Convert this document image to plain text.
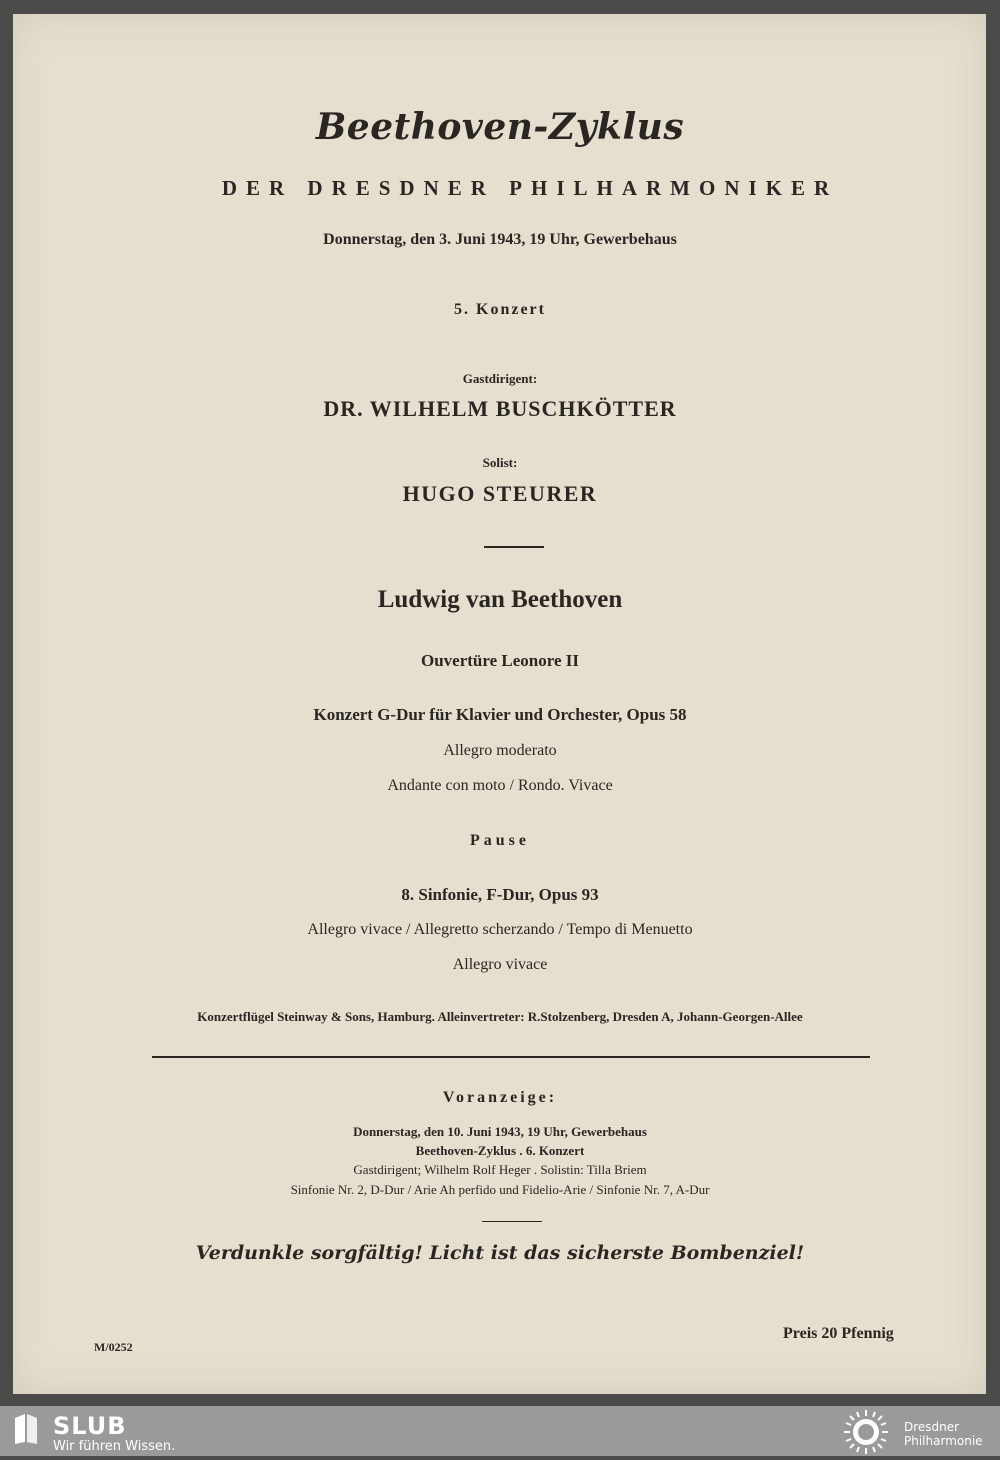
Beethoven-Zyklus
DER DRESDNER PHILHARMONIKER
Donnerstag, den 3. Juni 1943, 19 Uhr, Gewerbehaus
5. Konzert
Gastdirigent:
DR. WILHELM BUSCHKÖTTER
Solist:
HUGO STEURER
Ludwig van Beethoven
Ouvertüre Leonore II
Konzert G-Dur für Klavier und Orchester, Opus 58
Allegro moderato
Andante con moto / Rondo. Vivace
Pause
8. Sinfonie, F-Dur, Opus 93
Allegro vivace / Allegretto scherzando / Tempo di Menuetto
Allegro vivace
Konzertflügel Steinway & Sons, Hamburg. Alleinvertreter: R.Stolzenberg, Dresden A, Johann-Georgen-Allee
Voranzeige:
Donnerstag, den 10. Juni 1943, 19 Uhr, Gewerbehaus
Beethoven-Zyklus . 6. Konzert
Gastdirigent; Wilhelm Rolf Heger . Solistin: Tilla Briem
Sinfonie Nr. 2, D-Dur / Arie Ah perfido und Fidelio-Arie / Sinfonie Nr. 7, A-Dur
Verdunkle sorgfältig! Licht ist das sicherste Bombenziel!
Preis 20 Pfennig
M/0252
SLUB
Wir führen Wissen.
Dresdner
Philharmonie
